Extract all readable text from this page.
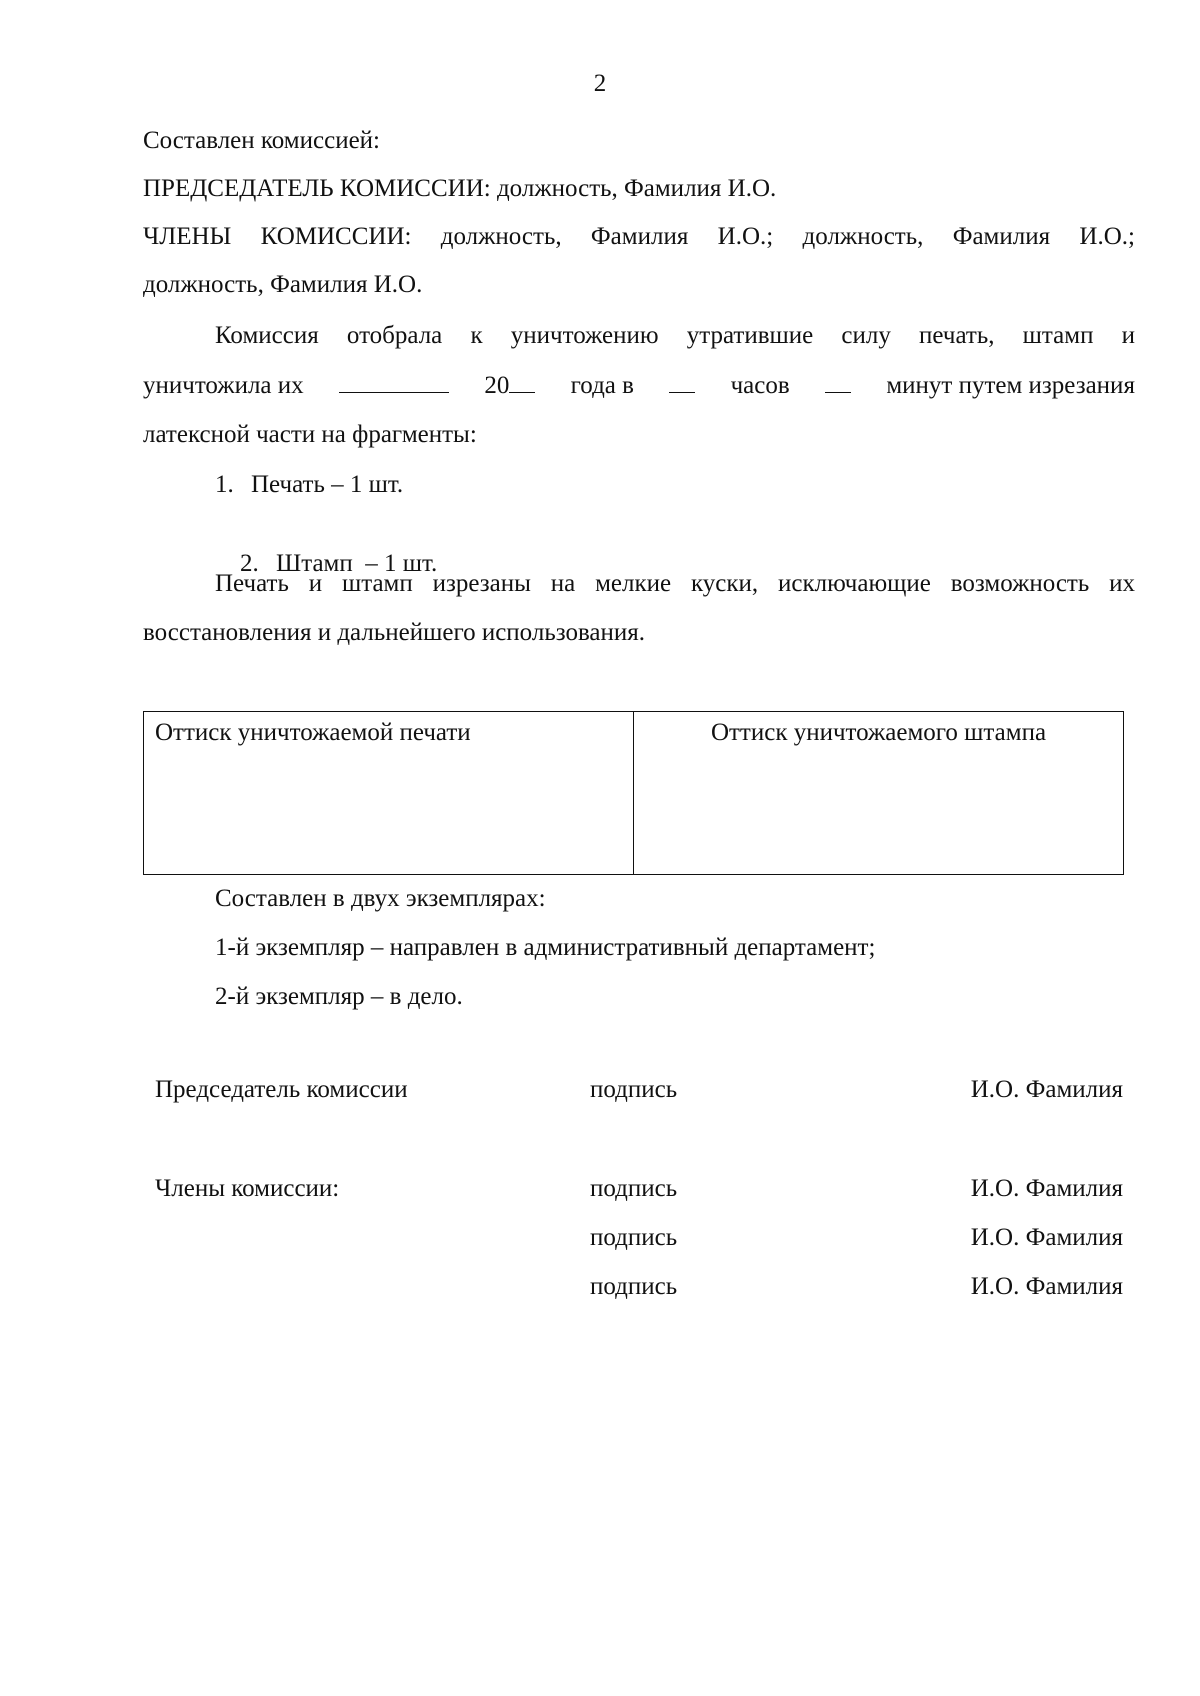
2
Составлен комиссией:
ПРЕДСЕДАТЕЛЬ КОМИССИИ: должность, Фамилия И.О.
ЧЛЕНЫ КОМИССИИ: должность, Фамилия И.О.; должность, Фамилия И.О.;
должность, Фамилия И.О.
Комиссия отобрала к уничтожению утратившие силу печать, штамп и
уничтожила их	20	года в	часов	минут путем изрезания
латексной части на фрагменты:
1. Печать – 1 шт.

2. Штамп  – 1 шт.

Печать и штамп изрезаны на мелкие куски, исключающие возможность их
восстановления и дальнейшего использования.
Оттиск уничтожаемой печати	Оттиск уничтожаемого штампа
Составлен в двух экземплярах:
1-й экземпляр – направлен в административный департамент;
2-й экземпляр – в дело.
Председатель комиссии	подпись	И.О. Фамилия
Члены комиссии:	подпись	И.О. Фамилия
подпись	И.О. Фамилия
подпись	И.О. Фамилия
